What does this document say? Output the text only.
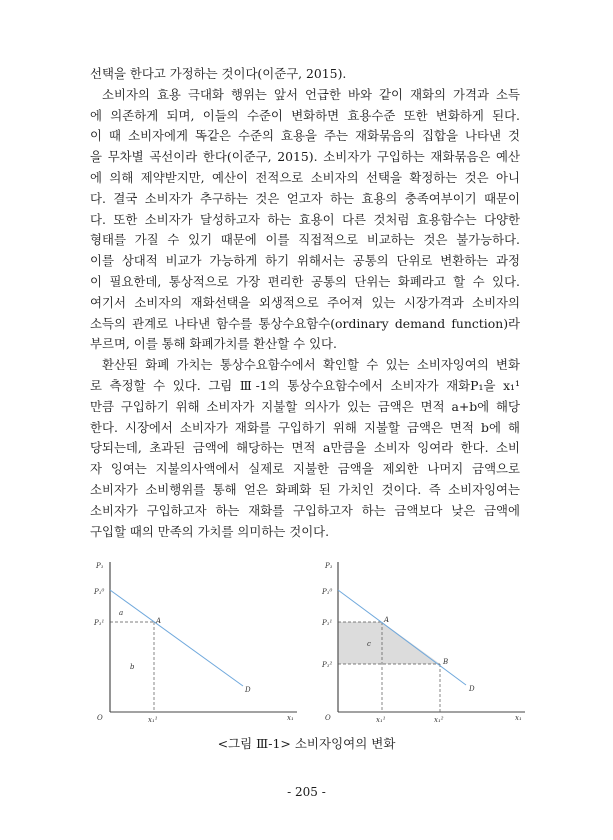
선택을 한다고 가정하는 것이다(이준구, 2015).
소비자의 효용 극대화 행위는 앞서 언급한 바와 같이 재화의 가격과 소득
에 의존하게 되며, 이들의 수준이 변화하면 효용수준 또한 변화하게 된다.
이 때 소비자에게 똑같은 수준의 효용을 주는 재화묶음의 집합을 나타낸 것
을 무차별 곡선이라 한다(이준구, 2015). 소비자가 구입하는 재화묶음은 예산
에 의해 제약받지만, 예산이 전적으로 소비자의 선택을 확정하는 것은 아니
다. 결국 소비자가 추구하는 것은 얻고자 하는 효용의 충족여부이기 때문이
다. 또한 소비자가 달성하고자 하는 효용이 다른 것처럼 효용함수는 다양한
형태를 가질 수 있기 때문에 이를 직접적으로 비교하는 것은 불가능하다.
이를 상대적 비교가 가능하게 하기 위해서는 공통의 단위로 변환하는 과정
이 필요한데, 통상적으로 가장 편리한 공통의 단위는 화폐라고 할 수 있다.
여기서 소비자의 재화선택을 외생적으로 주어져 있는 시장가격과 소비자의
소득의 관계로 나타낸 함수를 통상수요함수(ordinary demand function)라
부르며, 이를 통해 화폐가치를 환산할 수 있다.
환산된 화폐 가치는 통상수요함수에서 확인할 수 있는 소비자잉여의 변화
로 측정할 수 있다. 그림 Ⅲ-1의 통상수요함수에서 소비자가 재화P₁을 x₁¹
만큼 구입하기 위해 소비자가 지불할 의사가 있는 금액은 면적 a+b에 해당
한다. 시장에서 소비자가 재화를 구입하기 위해 지불할 금액은 면적 b에 해
당되는데, 초과된 금액에 해당하는 면적 a만큼을 소비자 잉여라 한다. 소비
자 잉여는 지불의사액에서 실제로 지불한 금액을 제외한 나머지 금액으로
소비자가 소비행위를 통해 얻은 화폐화 된 가치인 것이다. 즉 소비자잉여는
소비자가 구입하고자 하는 재화를 구입하고자 하는 금액보다 낮은 금액에
구입할 때의 만족의 가치를 의미하는 것이다.
P₁
P₁⁰
P₁¹
a
b
A
D
O	x₁¹	x₁
P₁
P₁⁰
P₁¹
P₁²
c
A
B
D
O	x₁¹	x₁²	x₁
<그림 Ⅲ-1> 소비자잉여의 변화
- 205 -
